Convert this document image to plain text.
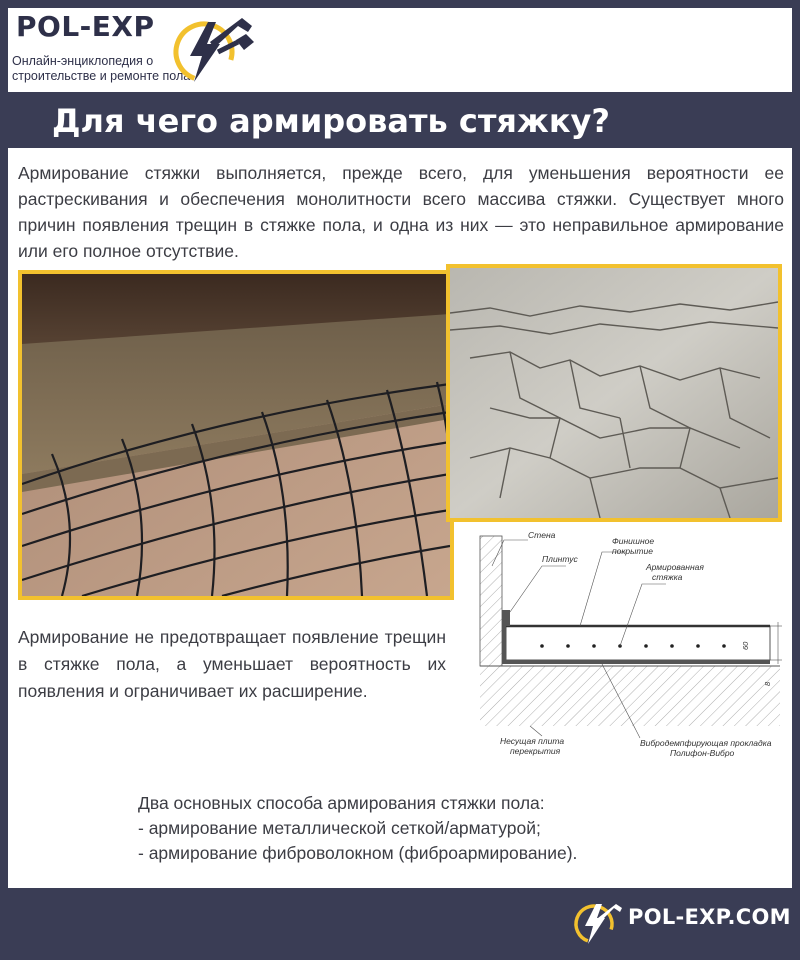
POL-EXP
Онлайн-энциклопедия о
строительстве и ремонте пола
Для чего армировать стяжку?
Армирование стяжки выполняется, прежде всего, для уменьшения вероятности ее растрескивания и обеспечения монолитности всего массива стяжки. Существует много причин появления трещин в стяжке пола, и одна из них — это неправильное армирование или его полное отсутствие.
Армирование не предотвращает появление трещин в стяжке пола, а уменьшает вероятность их появления и ограничивает их расширение.
Стена
Плинтус
Финишное
покрытие
Армированная
стяжка
60
8
Несущая плита
перекрытия
Вибродемпфирующая прокладка
Полифон-Вибро
Два основных способа армирования стяжки пола:
- армирование металлической сеткой/арматурой;
- армирование фиброволокном (фиброармирование).
POL-EXP.COM
